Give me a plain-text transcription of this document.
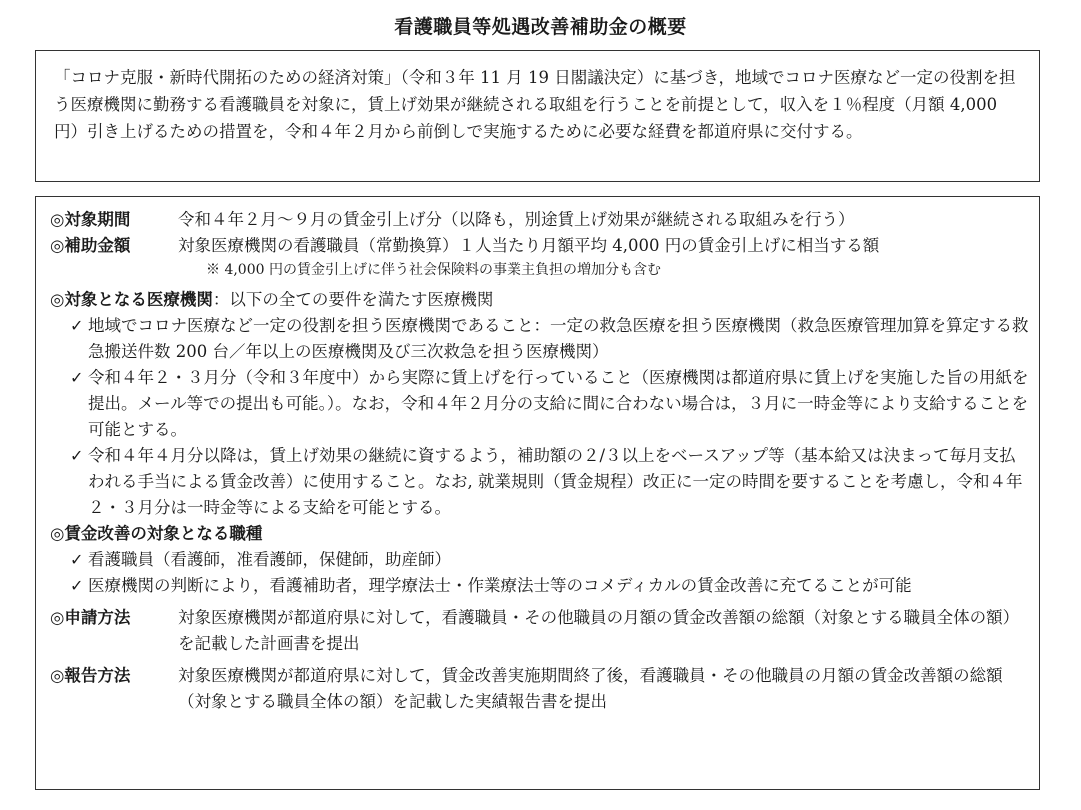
看護職員等処遇改善補助金の概要
「コロナ克服・新時代開拓のための経済対策」（令和３年 11 月 19 日閣議決定）に基づき，地域でコロナ医療など一定の役割を担う医療機関に勤務する看護職員を対象に，賃上げ効果が継続される取組を行うことを前提として，収入を１％程度（月額 4,000 円）引き上げるための措置を，令和４年２月から前倒しで実施するために必要な経費を都道府県に交付する。
◎対象期間	令和４年２月～９月の賃金引上げ分（以降も，別途賃上げ効果が継続される取組みを行う）
◎補助金額	対象医療機関の看護職員（常勤換算）１人当たり月額平均 4,000 円の賃金引上げに相当する額
※ 4,000 円の賃金引上げに伴う社会保険料の事業主負担の増加分も含む
◎対象となる医療機関：以下の全ての要件を満たす医療機関
✓ 地域でコロナ医療など一定の役割を担う医療機関であること：一定の救急医療を担う医療機関（救急医療管理加算を算定する救急搬送件数 200 台／年以上の医療機関及び三次救急を担う医療機関）
✓ 令和４年２・３月分（令和３年度中）から実際に賃上げを行っていること（医療機関は都道府県に賃上げを実施した旨の用紙を提出。メール等での提出も可能。）。なお，令和４年２月分の支給に間に合わない場合は，３月に一時金等により支給することを可能とする。
✓ 令和４年４月分以降は，賃上げ効果の継続に資するよう，補助額の２/３以上をベースアップ等（基本給又は決まって毎月支払われる手当による賃金改善）に使用すること。なお, 就業規則（賃金規程）改正に一定の時間を要することを考慮し，令和４年２・３月分は一時金等による支給を可能とする。
◎賃金改善の対象となる職種
✓ 看護職員（看護師，准看護師，保健師，助産師）
✓ 医療機関の判断により，看護補助者，理学療法士・作業療法士等のコメディカルの賃金改善に充てることが可能
◎申請方法	対象医療機関が都道府県に対して，看護職員・その他職員の月額の賃金改善額の総額（対象とする職員全体の額）を記載した計画書を提出
◎報告方法	対象医療機関が都道府県に対して，賃金改善実施期間終了後，看護職員・その他職員の月額の賃金改善額の総額（対象とする職員全体の額）を記載した実績報告書を提出
